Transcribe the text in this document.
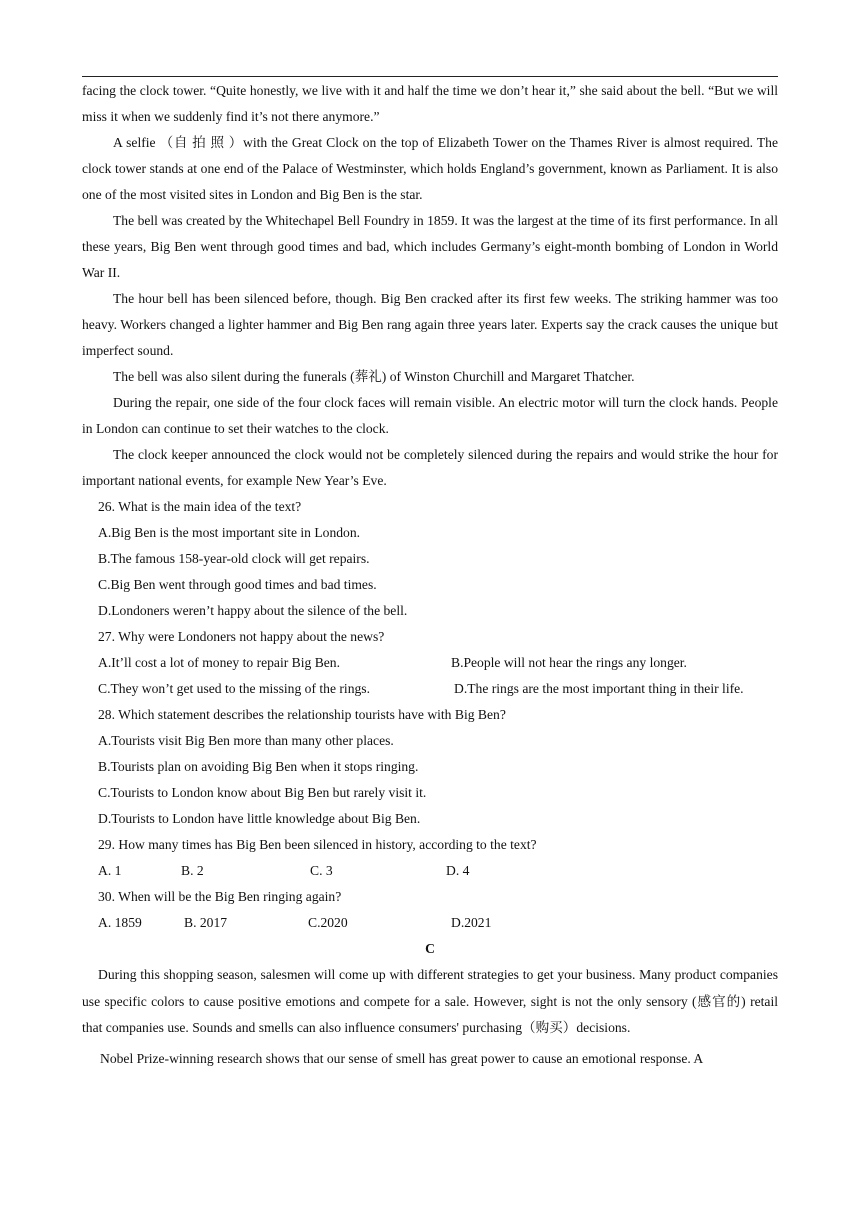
facing the clock tower. “Quite honestly, we live with it and half the time we don’t hear it,” she said about the bell. “But we will miss it when we suddenly find it’s not there anymore.”

A selfie （自 拍 照 ）with the Great Clock on the top of Elizabeth Tower on the Thames River is almost required. The clock tower stands at one end of the Palace of Westminster, which holds England’s government, known as Parliament. It is also one of the most visited sites in London and Big Ben is the star.

The bell was created by the Whitechapel Bell Foundry in 1859. It was the largest at the time of its first performance. In all these years, Big Ben went through good times and bad, which includes Germany’s eight-month bombing of London in World War II.

The hour bell has been silenced before, though. Big Ben cracked after its first few weeks. The striking hammer was too heavy. Workers changed a lighter hammer and Big Ben rang again three years later. Experts say the crack causes the unique but imperfect sound.

The bell was also silent during the funerals (葬礼) of Winston Churchill and Margaret Thatcher.

During the repair, one side of the four clock faces will remain visible. An electric motor will turn the clock hands. People in London can continue to set their watches to the clock.

The clock keeper announced the clock would not be completely silenced during the repairs and would strike the hour for important national events, for example New Year’s Eve.

26. What is the main idea of the text?

A.Big Ben is the most important site in London.

B.The famous 158-year-old clock will get repairs.

C.Big Ben went through good times and bad times.

D.Londoners weren’t happy about the silence of the bell.

27. Why were Londoners not happy about the news?

A.It’ll cost a lot of money to repair Big Ben.	B.People will not hear the rings any longer.
C.They won’t get used to the missing of the rings.	D.The rings are the most important thing in their life.

28. Which statement describes the relationship tourists have with Big Ben?

A.Tourists visit Big Ben more than many other places.

B.Tourists plan on avoiding Big Ben when it stops ringing.

C.Tourists to London know about Big Ben but rarely visit it.

D.Tourists to London have little knowledge about Big Ben.

29. How many times has Big Ben been silenced in history, according to the text?

A. 1	B. 2	C. 3	D. 4

30. When will be the Big Ben ringing again?

A. 1859	B. 2017	C.2020	D.2021

C

During this shopping season, salesmen will come up with different strategies to get your business. Many product companies use specific colors to cause positive emotions and compete for a sale. However, sight is not the only sensory (感官的) retail that companies use. Sounds and smells can also influence consumers' purchasing（购买）decisions.

Nobel Prize-winning research shows that our sense of smell has great power to cause an emotional response. A
